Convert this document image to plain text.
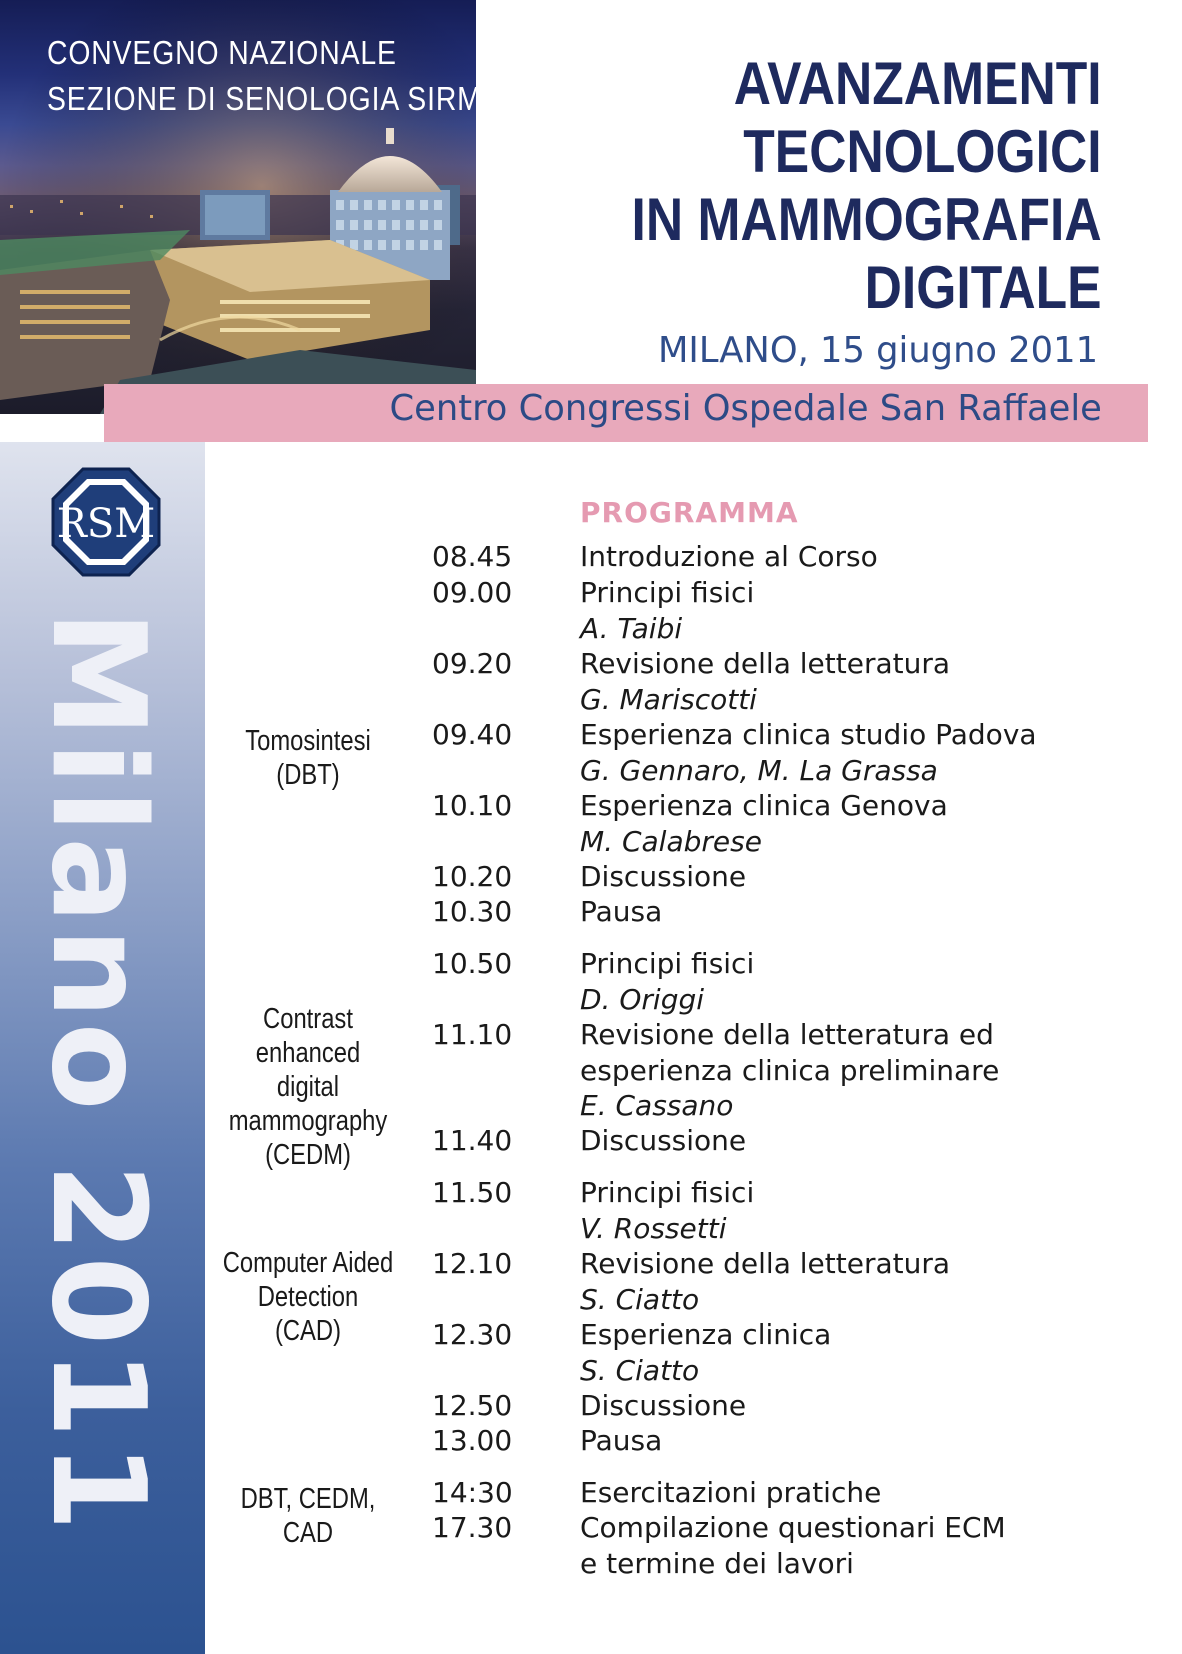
CONVEGNO NAZIONALE
SEZIONE DI SENOLOGIA SIRM	AVANZAMENTI
TECNOLOGICI
IN MAMMOGRAFIA
DIGITALE
MILANO, 15 giugno 2011
Centro Congressi Ospedale San Raffaele
RSM
Milano 2011
PROGRAMMA
Tomosintesi
(DBT)
Contrast enhanced
digital
mammography
(CEDM)
Computer Aided
Detection
(CAD)
DBT, CEDM, CAD
08.45 Introduzione al Corso
09.00 Principi fisici
A. Taibi
09.20 Revisione della letteratura
G. Mariscotti
09.40 Esperienza clinica studio Padova
G. Gennaro, M. La Grassa
10.10 Esperienza clinica Genova
M. Calabrese
10.20 Discussione
10.30 Pausa
10.50 Principi fisici
D. Origgi
11.10 Revisione della letteratura ed
esperienza clinica preliminare
E. Cassano
11.40 Discussione
11.50 Principi fisici
V. Rossetti
12.10 Revisione della letteratura
S. Ciatto
12.30 Esperienza clinica
S. Ciatto
12.50 Discussione
13.00 Pausa
14:30 Esercitazioni pratiche
17.30 Compilazione questionari ECM
e termine dei lavori
